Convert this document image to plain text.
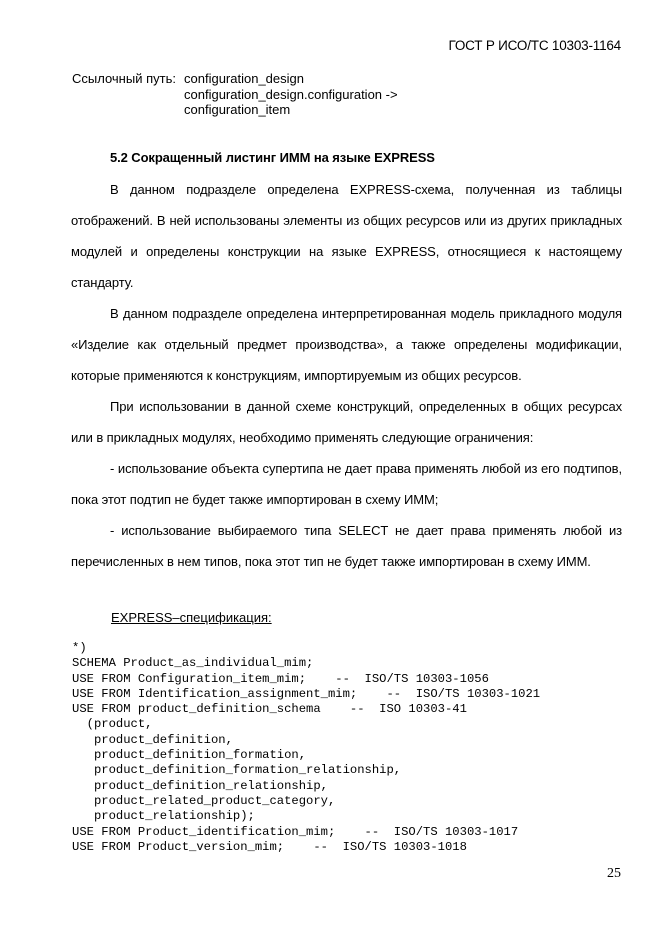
ГОСТ Р ИСО/ТС 10303-1164
Ссылочный путь: configuration_design
configuration_design.configuration ->
configuration_item
5.2 Сокращенный листинг ИММ на языке EXPRESS

В данном подразделе определена EXPRESS-схема, полученная из таблицы отображений. В ней использованы элементы из общих ресурсов или из других прикладных модулей и определены конструкции на языке EXPRESS, относящиеся к настоящему стандарту.

В данном подразделе определена интерпретированная модель прикладного модуля «Изделие как отдельный предмет производства», а также определены модификации, которые применяются к конструкциям, импортируемым из общих ресурсов.

При использовании в данной схеме конструкций, определенных в общих ресурсах или в прикладных модулях, необходимо применять следующие ограничения:

- использование объекта супертипа не дает права применять любой из его подтипов, пока этот подтип не будет также импортирован в схему ИММ;

- использование выбираемого типа SELECT не дает права применять любой из перечисленных в нем типов, пока этот тип не будет также импортирован в схему ИММ.

EXPRESS–спецификация:
*)
SCHEMA Product_as_individual_mim;
USE FROM Configuration_item_mim;    --  ISO/TS 10303-1056
USE FROM Identification_assignment_mim;    --  ISO/TS 10303-1021
USE FROM product_definition_schema    --  ISO 10303-41
(product,
product_definition,
product_definition_formation,
product_definition_formation_relationship,
product_definition_relationship,
product_related_product_category,
product_relationship);
USE FROM Product_identification_mim;    --  ISO/TS 10303-1017
USE FROM Product_version_mim;    --  ISO/TS 10303-1018
25
